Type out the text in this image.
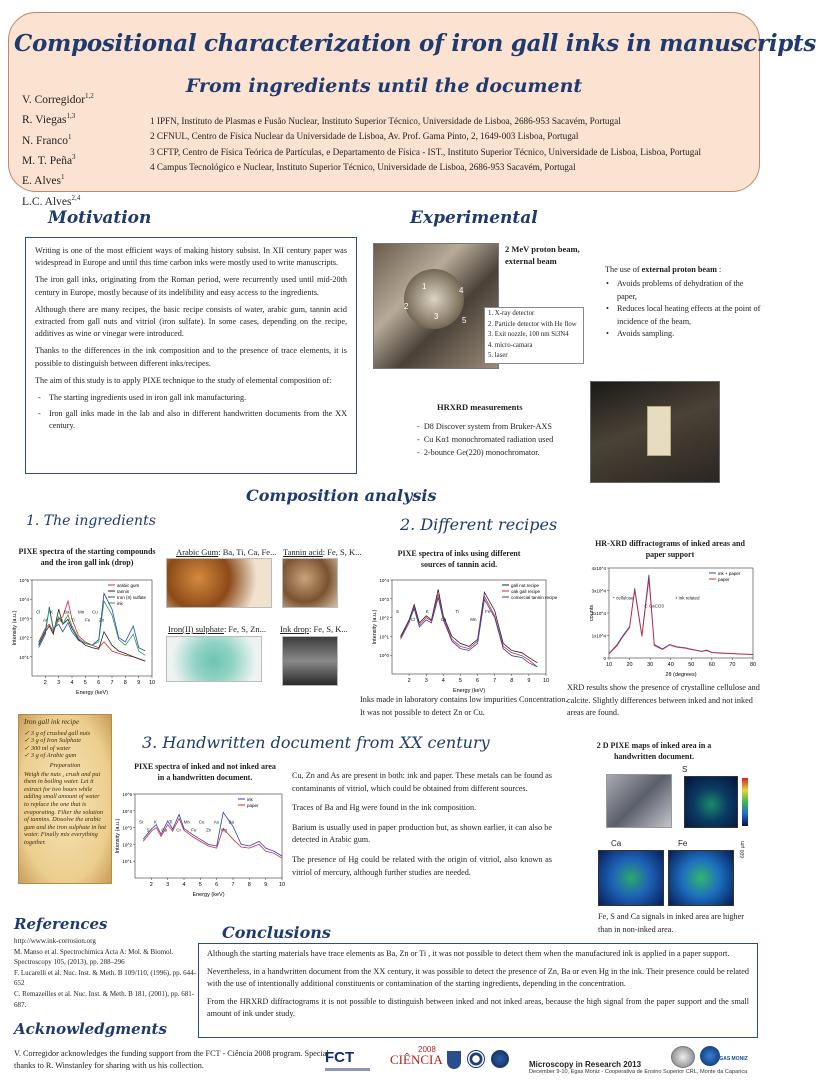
Compositional characterization of iron gall inks in manuscripts
From ingredients until the document
V. Corregidor$^{1,2}$
R. Viegas$^{1,3}$
N. Franco$^1$
M. T. Peña$^3$
E. Alves$^1$
L.C. Alves$^{2,4}$
1 IPFN, Instituto de Plasmas e Fusão Nuclear, Instituto Superior Técnico, Universidade de Lisboa, 2686-953 Sacavém, Portugal
2 CFNUL, Centro de Física Nuclear da Universidade de Lisboa, Av. Prof. Gama Pinto, 2, 1649-003 Lisboa, Portugal
3 CFTP, Centro de Física Teórica de Partículas, e Departamento de Física - IST., Instituto Superior Técnico, Universidade de Lisboa, Lisboa, Portugal
4 Campus Tecnológico e Nuclear, Instituto Superior Técnico, Universidade de Lisboa, 2686-953 Sacavém, Portugal
Motivation

Writing is one of the most efficient ways of making history subsist. In XII century paper was widespread in Europe and until this time carbon inks were mostly used to write manuscripts.

The iron gall inks, originating from the Roman period, were recurrently used until mid-20th century in Europe, mostly because of its indelibility and easy access to the ingredients.

Although there are many recipes, the basic recipe consists of water, arabic gum, tannin acid extracted from gall nuts and vitriol (iron sulfate). In some cases, depending on the recipe, additives as wine or vinegar were introduced.

Thanks to the differences in the ink composition and to the presence of trace elements, it is possible to distinguish between different inks/recipes.

The aim of this study is to apply PIXE technique to the study of elemental composition of:

- The starting ingredients used in iron gall ink manufacturing.
- Iron gall inks made in the lab and also in different handwritten documents from the XX century.
Experimental
1
2
3
4
5
2 MeV proton beam, external beam
1. X-ray detector
2. Particle detector with He flow
3. Exit nozzle, 100 nm Si3N4
4. micro-camara
5. laser
The use of external proton beam :
• Avoids problems of dehydration of the paper,
• Reduces local heating effects at the point of incidence of the beam,
• Avoids sampling.
HRXRD measurements
-  D8 Discover system from Bruker-AXS
-  Cu Kα1 monochromated radiation used
-  2-bounce Ge(220) monochromator.
Composition analysis
1. The ingredients	2. Different recipes
PIXE spectra of the starting compounds and the iron gall ink (drop)
2 3 4 5 6 7 8 9 10
10^1
10^2
10^3
10^4
10^5
Energy (keV)
Intensity (a.u.)
arabic gum
tannin
Iron (II) sulfate
ink
Cl
Ar
K
Ca
Ba
Ti
Mn
Fe
Cu
Zn
Arabic Gum: Ba, Ti, Ca, Fe... Tannin acid: Fe, S, K...
Iron(II) sulphate: Fe, S, Zn... Ink drop: Fe, S, K...
PIXE spectra of inks using different sources of tannin acid.
2	3	4	5	6	7	8	9 10
10^0
10^1
10^2
10^3
10^4
Energy (keV)
Intensity (a.u.)
gall nut recipe
oak gall recipe
comercial tannin recipe
S
Cl
K
Ca
Ti
Mn
Fe
Inks made in laboratory contains low impurities Concentration. It was not possible to detect Zn or Cu.
HR-XRD diffractograms of inked areas and paper support
10	20	30	40	50	60	70	80
0
1x10^4
2x10^4
3x10^4
4x10^4
2θ (degrees)
counts
ink + paper
paper
* cellulose
C CaCO3
• Ink related
XRD results show the presence of crystalline cellulose and calcite. Slightly differences between inked and not inked areas are found.
Iron gall ink recipe
✓ 3 g of crushed gall nuts
✓ 3 g of Iron Sulphate
✓ 300 ml of water
✓ 3 g of Arabic gum
Preparation
Weigh the nuts , crush and put them in boiling water. Let it extract for two hours while adding small amount of water to replace the one that is evaporating. Filter the solution of tannins. Dissolve the arabic gum and the iron sulphate in hot water. Finally mix everything together.
3. Handwritten document from XX century
PIXE spectra of inked and not inked area in a handwritten document.
2 3 4 5 6 7 8 9 10
10^1
10^2
10^3
10^4
10^5
Energy (keV)
Intensity (a.u.)
ink
paper
Si
S
K
Ca
Ti
Cr
Mn
Fe
Cu
Zn
As
Hg
Ba

Cu, Zn and As are present in both: ink and paper. These metals can be found as contaminants of vitriol, which could be obtained from different sources.

Traces of Ba and Hg were found in the ink composition.

Barium is usually used in paper production but, as shown earlier, it can also be detected in Arabic gum.

The presence of Hg could be related with the origin of vitriol, also known as vitriol of mercury, although further studies are needed.

2 D PIXE maps of inked area in a handwritten document.
S
Ca	Fe	600 µm
Fe, S and Ca signals in inked area are higher than in non-inked area.
References
http://www.ink-corrosion.org
M. Manso et al. Spectrochimica Acta A: Mol. & Biomol. Spectroscopy 105, (2013), pp. 288–296
F. Lucarelli et al. Nuc. Inst. & Meth. B 109/110, (1996), pp. 644-652
C. Remazeilles et al. Nuc. Inst. & Meth. B 181, (2001), pp. 681-687.
Conclusions

Although the starting materials have trace elements as Ba, Zn or Ti , it was not possible to detect them when the manufactured ink is applied in a paper support.

Nevertheless, in a handwritten document from the XX century, it was possible to detect the presence of Zn, Ba or even Hg in the ink. Their presence could be related with the use of intentionally additional constituents or contamination of the starting ingredients, depending in the concentration.

From the HRXRD diffractograms it is not possible to distinguish between inked and not inked areas, because the high signal from the paper support and the small amount of ink under study.

Acknowledgments
V. Corregidor acknowledges the funding support from the FCT - Ciência 2008 program. Special thanks to R. Winstanley for sharing with us his collection.	FCT	CIÊNCIA
2008
EGAS MONIZ
Microscopy in Research 2013
December 9-10, Egas Moniz - Cooperativa de Ensino Superior CRL, Monte da Caparica
